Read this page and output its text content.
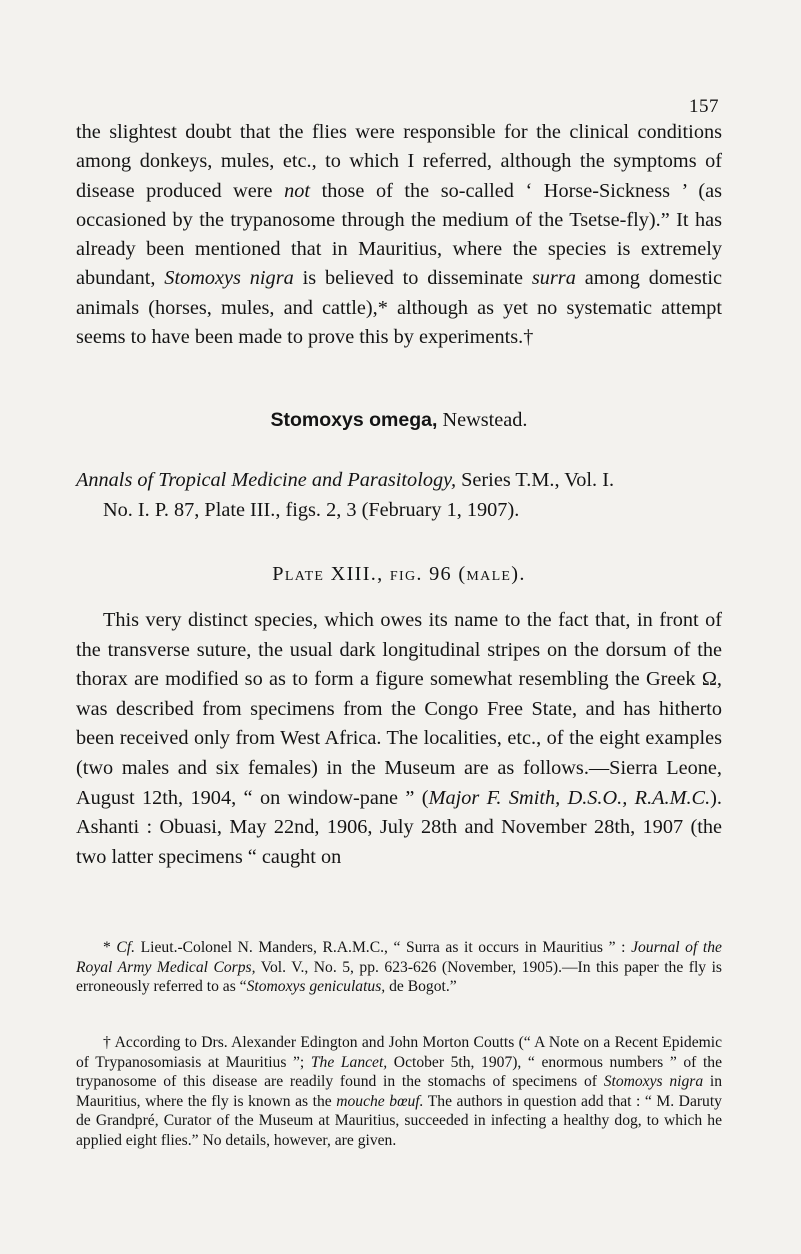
157

the slightest doubt that the flies were responsible for the clinical conditions among donkeys, mules, etc., to which I referred, although the symptoms of disease produced were not those of the so-called ‘ Horse-Sickness ’ (as occasioned by the trypanosome through the medium of the Tsetse-fly).” It has already been mentioned that in Mauritius, where the species is extremely abundant, Stomoxys nigra is believed to disseminate surra among domestic animals (horses, mules, and cattle),* although as yet no systematic attempt seems to have been made to prove this by experiments.†

Stomoxys omega, Newstead.
Annals of Tropical Medicine and Parasitology, Series T.M., Vol. I.
No. I. P. 87, Plate III., figs. 2, 3 (February 1, 1907).
Plate XIII., fig. 96 (male).

This very distinct species, which owes its name to the fact that, in front of the transverse suture, the usual dark longitudinal stripes on the dorsum of the thorax are modified so as to form a figure somewhat resembling the Greek Ω, was described from specimens from the Congo Free State, and has hitherto been received only from West Africa. The localities, etc., of the eight examples (two males and six females) in the Museum are as follows.—Sierra Leone, August 12th, 1904, “ on window-pane ” (Major F. Smith, D.S.O., R.A.M.C.). Ashanti : Obuasi, May 22nd, 1906, July 28th and November 28th, 1907 (the two latter specimens “ caught on

* Cf. Lieut.-Colonel N. Manders, R.A.M.C., “ Surra as it occurs in Mauritius ” : Journal of the Royal Army Medical Corps, Vol. V., No. 5, pp. 623-626 (November, 1905).—In this paper the fly is erroneously referred to as “Stomoxys geniculatus, de Bogot.”

† According to Drs. Alexander Edington and John Morton Coutts (“ A Note on a Recent Epidemic of Trypanosomiasis at Mauritius ”; The Lancet, October 5th, 1907), “ enormous numbers ” of the trypanosome of this disease are readily found in the stomachs of specimens of Stomoxys nigra in Mauritius, where the fly is known as the mouche bœuf. The authors in question add that : “ M. Daruty de Grandpré, Curator of the Museum at Mauritius, succeeded in infecting a healthy dog, to which he applied eight flies.” No details, however, are given.
